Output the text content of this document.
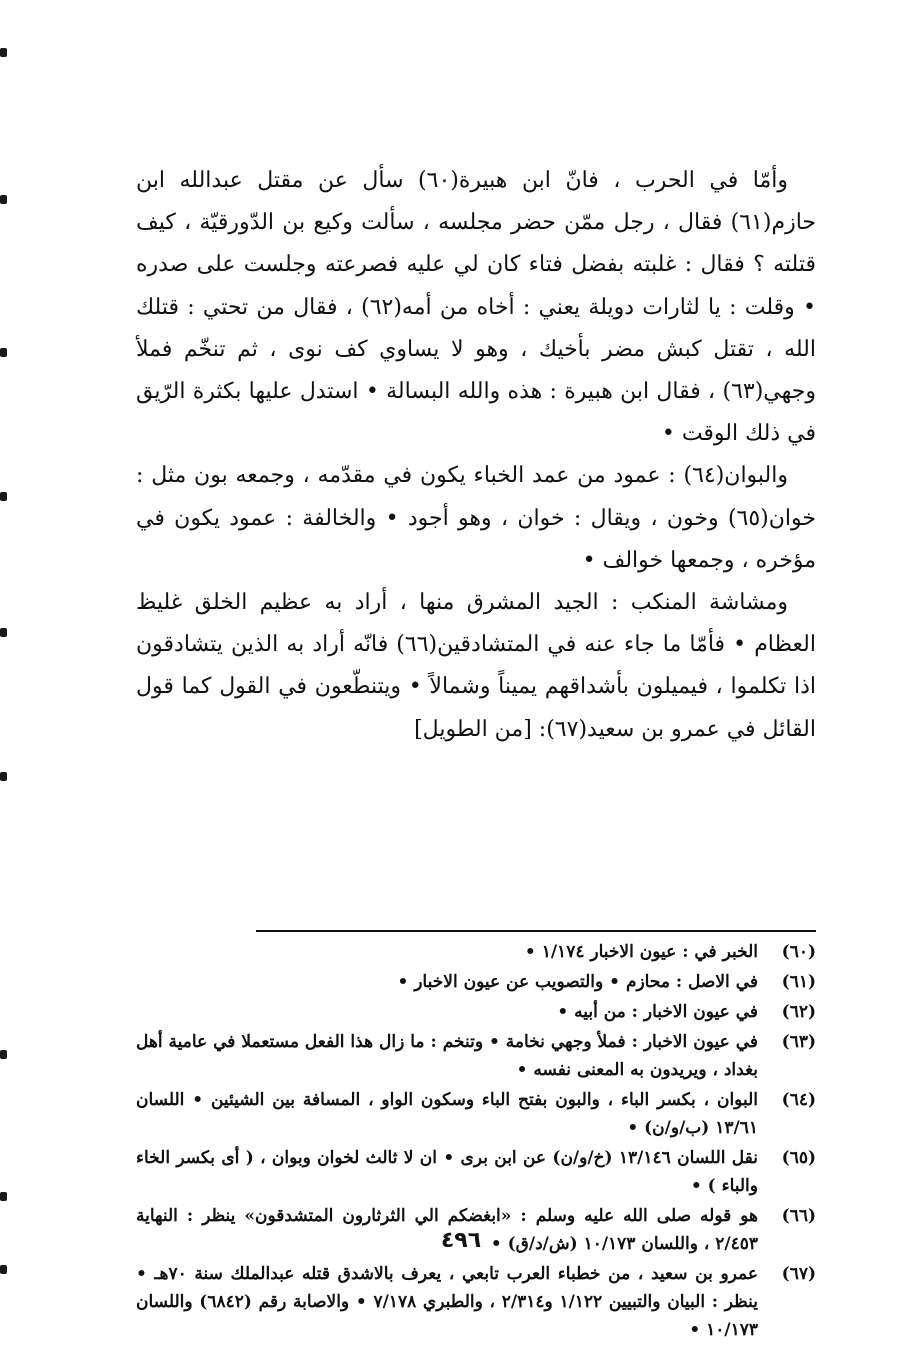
وأمّا في الحرب ، فانّ ابن هبيرة(٦٠) سأل عن مقتل عبدالله ابن حازم(٦١) فقال ، رجل ممّن حضر مجلسه ، سألت وكيع بن الدّورقيّة ، كيف قتلته ؟ فقال : غلبته بفضل فتاء كان لي عليه فصرعته وجلست على صدره • وقلت : يا لثارات دويلة يعني : أخاه من أمه(٦٢) ، فقال من تحتي : قتلك الله ، تقتل كبش مضر بأخيك ، وهو لا يساوي كف نوى ، ثم تنخّم فملأ وجهي(٦٣) ، فقال ابن هبيرة : هذه والله البسالة • استدل عليها بكثرة الرّيق في ذلك الوقت •

والبوان(٦٤) : عمود من عمد الخباء يكون في مقدّمه ، وجمعه بون مثل : خوان(٦٥) وخون ، ويقال : خوان ، وهو أجود • والخالفة : عمود يكون في مؤخره ، وجمعها خوالف •

ومشاشة المنكب : الجيد المشرق منها ، أراد به عظيم الخلق غليظ العظام • فأمّا ما جاء عنه في المتشادقين(٦٦) فانّه أراد به الذين يتشادقون اذا تكلموا ، فيميلون بأشداقهم يميناً وشمالاً • ويتنطّعون في القول كما قول القائل في عمرو بن سعيد(٦٧): [من الطويل]

(٦٠)
الخبر في : عيون الاخبار ١/١٧٤ •
(٦١)
في الاصل : محازم • والتصويب عن عيون الاخبار •
(٦٢)
في عيون الاخبار : من أبيه •
(٦٣)
في عيون الاخبار : فملأ وجهي نخامة • وتنخم : ما زال هذا الفعل مستعملا في عامية أهل بغداد ، ويريدون به المعنى نفسه •
(٦٤)
البوان ، بكسر الباء ، والبون بفتح الباء وسكون الواو ، المسافة بين الشيئين • اللسان ١٣/٦١ (ب/و/ن) •
(٦٥)
نقل اللسان ١٣/١٤٦ (خ/و/ن) عن ابن برى • ان لا ثالث لخوان وبوان ، ( أى بكسر الخاء والباء ) •
(٦٦)
هو قوله صلى الله عليه وسلم : «ابغضكم الي الثرثارون المتشدقون» ينظر : النهاية ٢/٤٥٣ ، واللسان ١٠/١٧٣ (ش/د/ق) •
(٦٧)
عمرو بن سعيد ، من خطباء العرب تابعي ، يعرف بالاشدق قتله عبدالملك سنة ٧٠هـ • ينظر : البيان والتبيين ١/١٢٢ و٢/٣١٤ ، والطبري ٧/١٧٨ • والاصابة رقم (٦٨٤٢) واللسان ١٠/١٧٣ •
٤٩٦
